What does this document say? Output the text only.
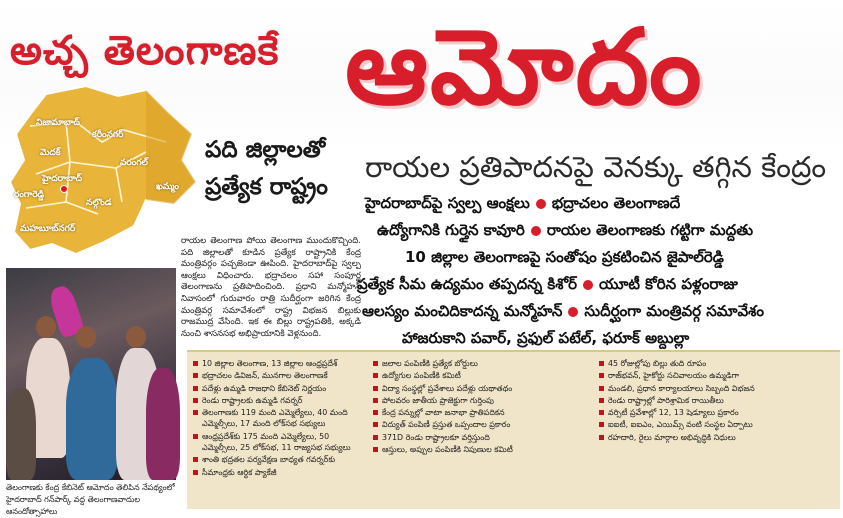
అచ్చ తెలంగాణకే ఆమోదం
నిజామాబాద్
కరీంనగర్
మెదక్
వరంగల్
ఖమ్మం
హైదరాబాద్
రంగారెడ్డి
నల్గొండ
మహబూబ్‌నగర్
పది జిల్లాలతో
ప్రత్యేక రాష్ట్రం
రాయల ప్రతిపాదనపై వెనక్కు తగ్గిన కేంద్రం
హైదరాబాద్‌పై స్వల్ప ఆంక్షలు భద్రాచలం తెలంగాణదే
ఉద్యోగానికి గుర్తైన కావూరి రాయల తెలంగాణకు గట్టిగా మద్దతు
10 జిల్లాల తెలంగాణపై సంతోషం ప్రకటించిన జైపాల్‌రెడ్డి
ప్రత్యేక సీమ ఉద్యమం తప్పదన్న కిశోర్ యూటీ కోరిన పళ్లంరాజు
ఆలస్యం మంచిదికాదన్న మన్మోహన్ సుదీర్ఘంగా మంత్రివర్గ సమావేశం
హాజరుకాని పవార్, ప్రఫుల్ పటేల్, ఫరూక్ అబ్దుల్లా
రాయల తెలంగాణ పోయి తెలంగాణ ముందుకొచ్చింది. పది జిల్లాలతో కూడిన ప్రత్యేక రాష్ట్రానికి కేంద్ర మంత్రివర్గం పచ్చజెండా ఊపింది. హైదరాబాద్‌పై స్వల్ప ఆంక్షలు విధించారు. భద్రాచలం సహా సంపూర్ణ తెలంగాణను ప్రతిపాదించింది. ప్రధాని మన్మోహన్ నివాసంలో గురువారం రాత్రి సుదీర్ఘంగా జరిగిన కేంద్ర మంత్రివర్గ సమావేశంలో రాష్ట్ర విభజన బిల్లుకు రాజముద్ర వేసింది. ఇక ఈ బిల్లు రాష్ట్రపతికి, అక్కడి నుంచి శాసనసభ అభిప్రాయానికి వెళ్లనుంది.
తెలంగాణకు కేంద్ర కేబినెట్ ఆమోదం తెలిపిన నేపథ్యంలో హైదరాబాద్ గన్‌పార్క్ వద్ద తెలంగాణవాదుల ఆనందోత్సాహాలు
10 జిల్లాల తెలంగాణ, 13 జిల్లాల ఆంధ్రప్రదేశ్
భద్రాచలం డివిజన్, మునగాల తెలంగాణకే
పదేళ్లు ఉమ్మడి రాజధాని కేబినెట్ నిర్ణయం
రెండు రాష్ట్రాలకు ఉమ్మడి గవర్నర్
తెలంగాణకు 119 మంది ఎమ్మెల్యేలు, 40 మంది ఎమ్మెల్సీలు, 17 మంది లోక్‌సభ సభ్యులు
ఆంధ్రప్రదేశ్‌కు 175 మంది ఎమ్మెల్యేలు, 50 ఎమ్మెల్సీలు, 25 లోక్‌సభ, 11 రాజ్యసభ సభ్యులు
శాంతి భద్రతల పర్యవేక్షణ బాధ్యత గవర్నర్‌కు
సీమాంధ్రకు ఆర్థిక ప్యాకేజీ
జలాల పంపిణీకి ప్రత్యేక బోర్డులు
ఉద్యోగుల పంపిణీకి కమిటీ
విద్యా సంస్థల్లో ప్రవేశాలు పదేళ్లు యథాతథం
పోలవరం జాతీయ ప్రాజెక్టుగా గుర్తింపు
కేంద్ర పన్నుల్లో వాటా జనాభా ప్రాతిపదికన
విద్యుత్ పంపిణీ ప్రస్తుత ఒప్పందాల ప్రకారం
371D రెండు రాష్ట్రాలకూ వర్తిస్తుంది
ఆస్తులు, అప్పుల పంపిణీకి నిపుణుల కమిటీ
45 రోజుల్లోపు బిల్లు తుది రూపం
రాజ్‌భవన్, హైకోర్టు సచివాలయం ఉమ్మడిగా
మండలి, ప్రధాన కార్యాలయాలు సిబ్బంది విభజన
రెండు రాష్ట్రాల్లో పారిశ్రామిక రాయితీలు
వర్సిటీ ప్రవేశాల్లో 12, 13 షెడ్యూలు ప్రకారం
ఐఐటీ, ఐఐఎం, ఎయిమ్స్ వంటి సంస్థల ఏర్పాటు
రహదారి, రైలు మార్గాల అభివృద్ధికి నిధులు
